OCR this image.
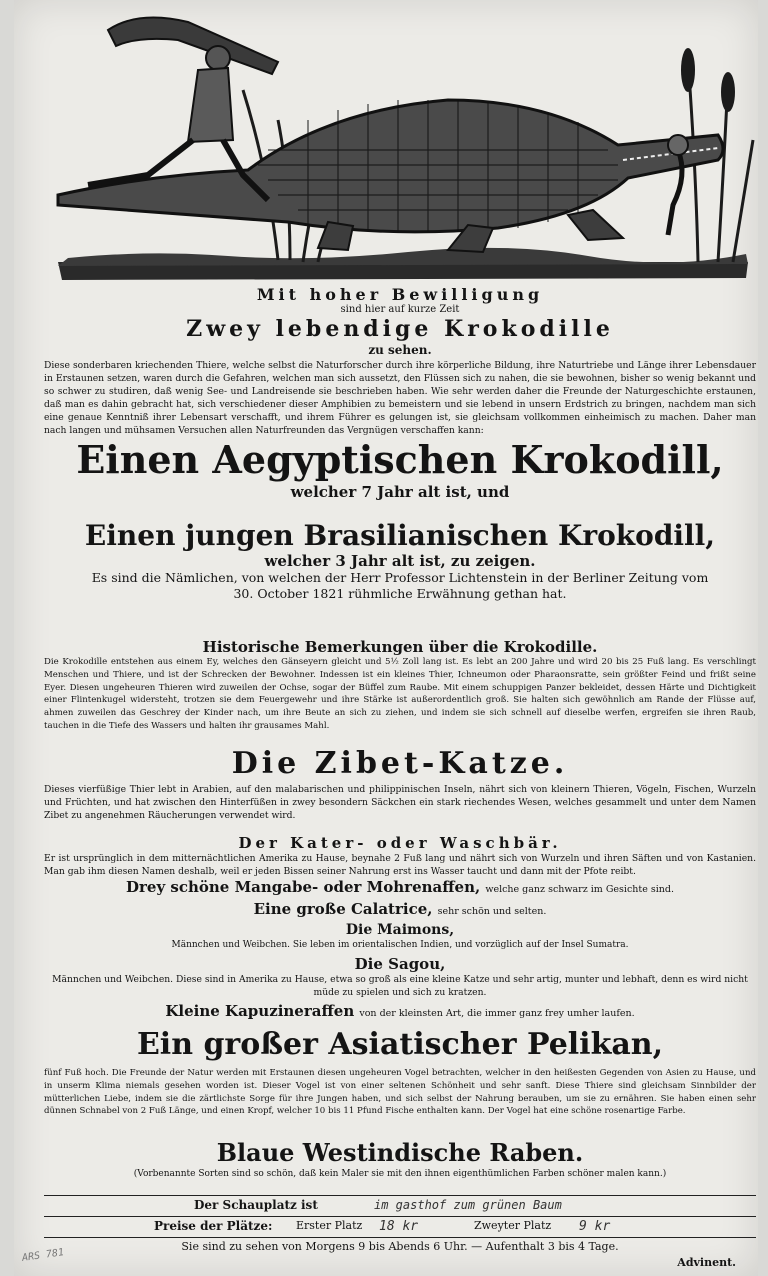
Mit hoher Bewilligung
sind hier auf kurze Zeit
Zwey lebendige Krokodille
zu sehen.
Diese sonderbaren kriechenden Thiere, welche selbst die Naturforscher durch ihre körperliche Bildung, ihre Naturtriebe und Länge ihrer Lebensdauer in Erstaunen setzen, waren durch die Gefahren, welchen man sich aussetzt, den Flüssen sich zu nahen, die sie bewohnen, bisher so wenig bekannt und so schwer zu studiren, daß wenig See- und Landreisende sie beschrieben haben. Wie sehr werden daher die Freunde der Naturgeschichte erstaunen, daß man es dahin gebracht hat, sich verschiedener dieser Amphibien zu bemeistern und sie lebend in unsern Erdstrich zu bringen, nachdem man sich eine genaue Kenntniß ihrer Lebensart verschafft, und ihrem Führer es gelungen ist, sie gleichsam vollkommen einheimisch zu machen. Daher man nach langen und mühsamen Versuchen allen Naturfreunden das Vergnügen verschaffen kann:
Einen Aegyptischen Krokodill,
welcher 7 Jahr alt ist, und
Einen jungen Brasilianischen Krokodill,
welcher 3 Jahr alt ist, zu zeigen.
Es sind die Nämlichen, von welchen der Herr Professor Lichtenstein in der Berliner Zeitung vom
30. October 1821 rühmliche Erwähnung gethan hat.
Historische Bemerkungen über die Krokodille.
Die Krokodille entstehen aus einem Ey, welches den Gänseyern gleicht und 5½ Zoll lang ist. Es lebt an 200 Jahre und wird 20 bis 25 Fuß lang. Es verschlingt Menschen und Thiere, und ist der Schrecken der Bewohner. Indessen ist ein kleines Thier, Ichneumon oder Pharaonsratte, sein größter Feind und frißt seine Eyer. Diesen ungeheuren Thieren wird zuweilen der Ochse, sogar der Büffel zum Raube. Mit einem schuppigen Panzer bekleidet, dessen Härte und Dichtigkeit einer Flintenkugel widersteht, trotzen sie dem Feuergewehr und ihre Stärke ist außerordentlich groß. Sie halten sich gewöhnlich am Rande der Flüsse auf, ahmen zuweilen das Geschrey der Kinder nach, um ihre Beute an sich zu ziehen, und indem sie sich schnell auf dieselbe werfen, ergreifen sie ihren Raub, tauchen in die Tiefe des Wassers und halten ihr grausames Mahl.
Die Zibet-Katze.
Dieses vierfüßige Thier lebt in Arabien, auf den malabarischen und philippinischen Inseln, nährt sich von kleinern Thieren, Vögeln, Fischen, Wurzeln und Früchten, und hat zwischen den Hinterfüßen in zwey besondern Säckchen ein stark riechendes Wesen, welches gesammelt und unter dem Namen Zibet zu angenehmen Räucherungen verwendet wird.
Der Kater- oder Waschbär.
Er ist ursprünglich in dem mitternächtlichen Amerika zu Hause, beynahe 2 Fuß lang und nährt sich von Wurzeln und ihren Säften und von Kastanien. Man gab ihm diesen Namen deshalb, weil er jeden Bissen seiner Nahrung erst ins Wasser taucht und dann mit der Pfote reibt.
Drey schöne Mangabe- oder Mohrenaffen, welche ganz schwarz im Gesichte sind.
Eine große Calatrice, sehr schön und selten.
Die Maimons,
Männchen und Weibchen. Sie leben im orientalischen Indien, und vorzüglich auf der Insel Sumatra.
Die Sagou,
Männchen und Weibchen. Diese sind in Amerika zu Hause, etwa so groß als eine kleine Katze und sehr artig, munter und lebhaft, denn es wird nicht müde zu spielen und sich zu kratzen.
Kleine Kapuzineraffen von der kleinsten Art, die immer ganz frey umher laufen.
Ein großer Asiatischer Pelikan,
fünf Fuß hoch. Die Freunde der Natur werden mit Erstaunen diesen ungeheuren Vogel betrachten, welcher in den heißesten Gegenden von Asien zu Hause, und in unserm Klima niemals gesehen worden ist. Dieser Vogel ist von einer seltenen Schönheit und sehr sanft. Diese Thiere sind gleichsam Sinnbilder der mütterlichen Liebe, indem sie die zärtlichste Sorge für ihre Jungen haben, und sich selbst der Nahrung berauben, um sie zu ernähren. Sie haben einen sehr dünnen Schnabel von 2 Fuß Länge, und einen Kropf, welcher 10 bis 11 Pfund Fische enthalten kann. Der Vogel hat eine schöne rosenartige Farbe.
Blaue Westindische Raben.
(Vorbenannte Sorten sind so schön, daß kein Maler sie mit den ihnen eigenthümlichen Farben schöner malen kann.)
Der Schauplatz ist	im gasthof zum grünen Baum
Preise der Plätze: Erster Platz 18 kr	Zweyter Platz 9 kr
Sie sind zu sehen von Morgens 9 bis Abends 6 Uhr. — Aufenthalt 3 bis 4 Tage.
Advinent.
ARS 781
